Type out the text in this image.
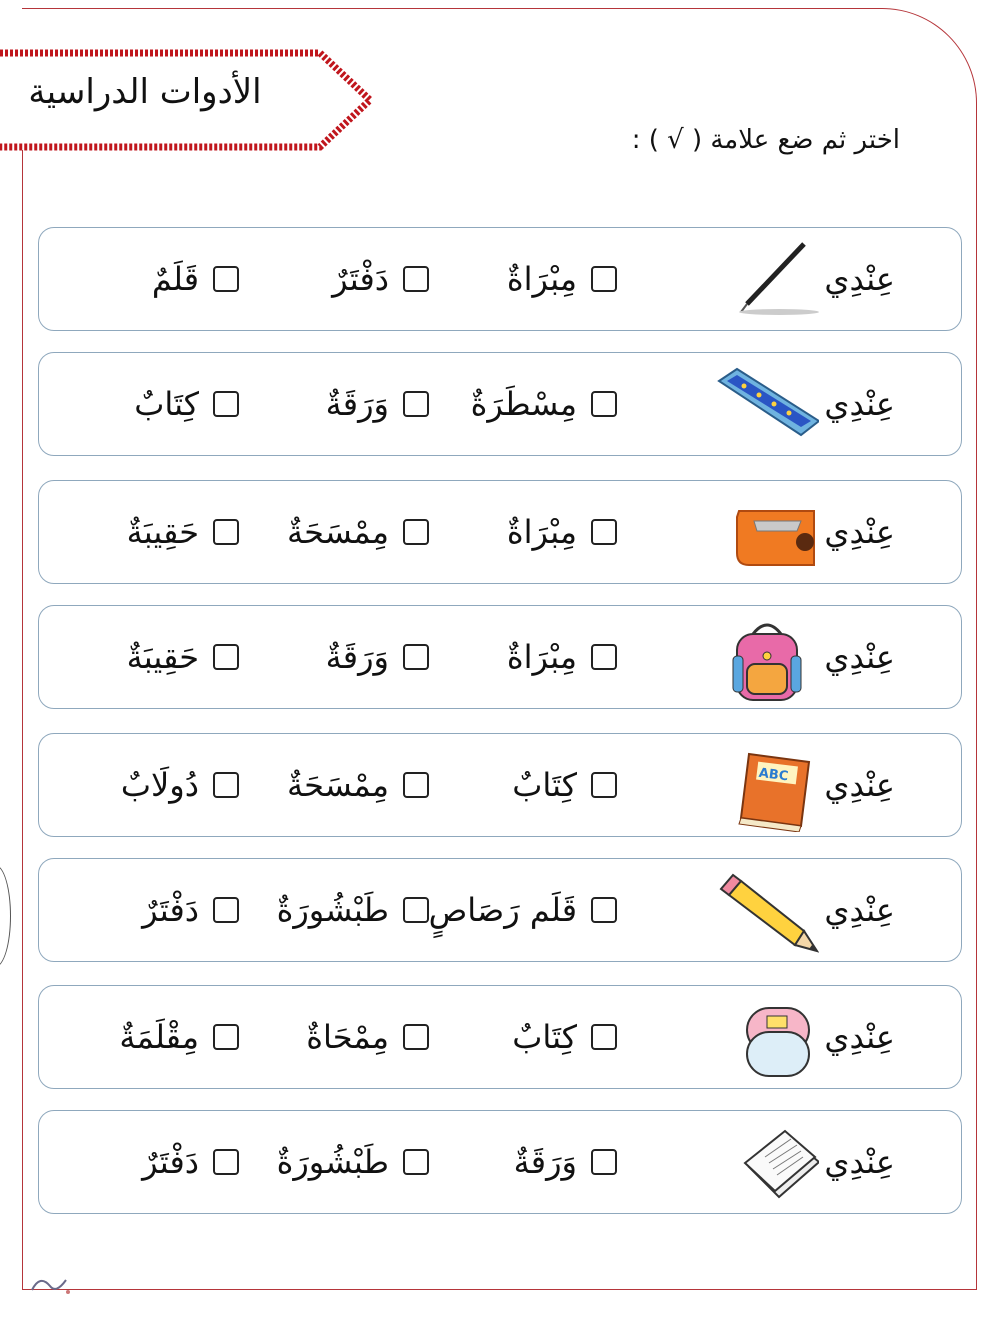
الأدوات الدراسية
اختر ثم ضع علامة ( √ ) :
عِنْدِي
مِبْرَاةٌ
دَفْتَرٌ
قَلَمٌ
عِنْدِي
مِسْطَرَةٌ
وَرَقَةٌ
كِتَابٌ
عِنْدِي
مِبْرَاةٌ
مِمْسَحَةٌ
حَقِيبَةٌ
عِنْدِي
مِبْرَاةٌ
وَرَقَةٌ
حَقِيبَةٌ
عِنْدِي
ABC
كِتَابٌ
مِمْسَحَةٌ
دُولَابٌ
عِنْدِي
قَلَم رَصَاصٍ
طَبْشُورَةٌ
دَفْتَرٌ
عِنْدِي
كِتَابٌ
مِمْحَاةٌ
مِقْلَمَةٌ
عِنْدِي
وَرَقَةٌ
طَبْشُورَةٌ
دَفْتَرٌ
